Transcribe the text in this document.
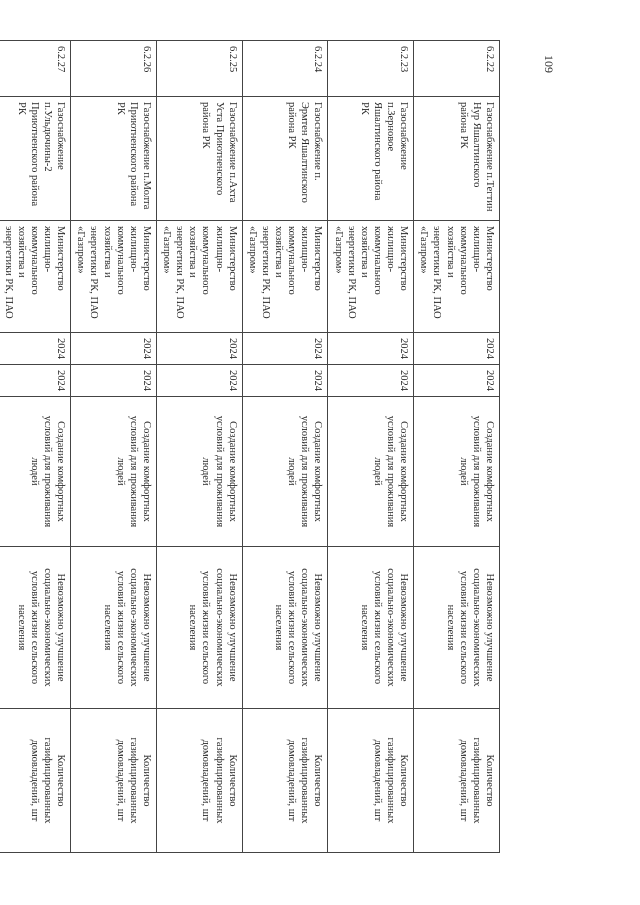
109
6.2.22	Газоснабжение п.Тегтин Нур Яшалтинского района РК	Министерство жилищно-коммунального хозяйства и энергетики РК, ПАО «Газпром»	2024	2024	Создание комфортных условий для проживания людей	Невозможно улучшение социально-экономических условий жизни сельского населения	Количество газифицированных домовладений, шт
6.2.23	Газоснабжение п.Зерновое Яшалтинского района РК	Министерство жилищно-коммунального хозяйства и энергетики РК, ПАО «Газпром»	2024	2024	Создание комфортных условий для проживания людей	Невозможно улучшение социально-экономических условий жизни сельского населения	Количество газифицированных домовладений, шт
6.2.24	Газоснабжение п. Эрмтен Яшалтинского района РК	Министерство жилищно-коммунального хозяйства и энергетики РК, ПАО «Газпром»	2024	2024	Создание комфортных условий для проживания людей	Невозможно улучшение социально-экономических условий жизни сельского населения	Количество газифицированных домовладений, шт
6.2.25	Газоснабжение п.Ахта Уста Приютненского района РК	Министерство жилищно-коммунального хозяйства и энергетики РК, ПАО «Газпром»	2024	2024	Создание комфортных условий для проживания людей	Невозможно улучшение социально-экономических условий жизни сельского населения	Количество газифицированных домовладений, шт
6.2.26	Газоснабжение п.Молта Приютненского района РК	Министерство жилищно-коммунального хозяйства и энергетики РК, ПАО «Газпром»	2024	2024	Создание комфортных условий для проживания людей	Невозможно улучшение социально-экономических условий жизни сельского населения	Количество газифицированных домовладений, шт
6.2.27	Газоснабжение п.Ульдючины-2 Приютненского района РК	Министерство жилищно-коммунального хозяйства и энергетики РК, ПАО	2024	2024	Создание комфортных условий для проживания людей	Невозможно улучшение социально-экономических условий жизни сельского населения	Количество газифицированных домовладений, шт
